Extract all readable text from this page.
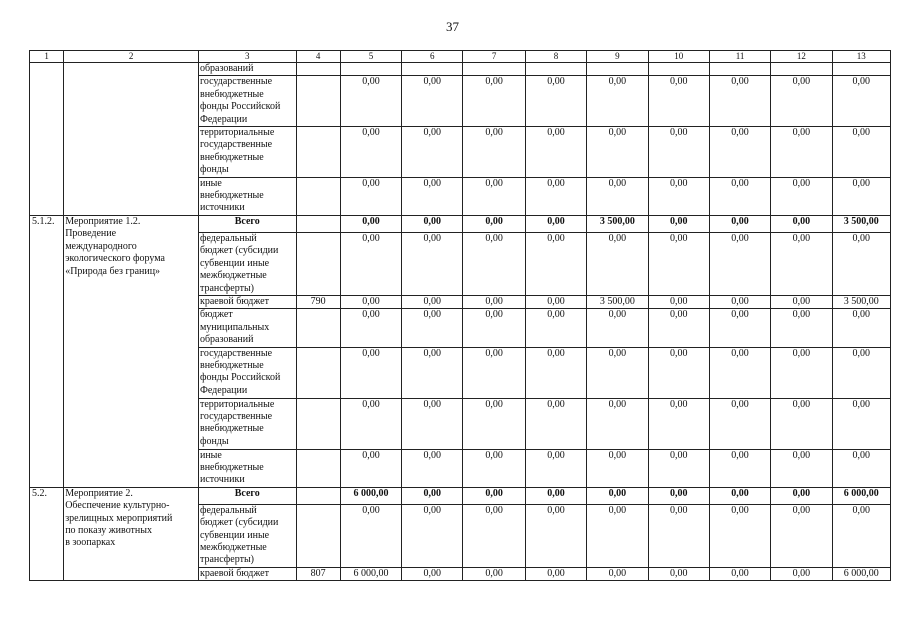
37
1	2	3	4	5	6	7	8	9	10	11	12	13
		образований										
		государственные
внебюджетные
фонды Российской
Федерации		0,00	0,00	0,00	0,00	0,00	0,00	0,00	0,00	0,00
		территориальные
государственные
внебюджетные
фонды		0,00	0,00	0,00	0,00	0,00	0,00	0,00	0,00	0,00
		иные
внебюджетные
источники		0,00	0,00	0,00	0,00	0,00	0,00	0,00	0,00	0,00
5.1.2.	Мероприятие 1.2.
Проведение
международного
экологического форума
«Природа без границ»	Всего		0,00	0,00	0,00	0,00	3 500,00	0,00	0,00	0,00	3 500,00
		федеральный
бюджет (субсидии
субвенции иные
межбюджетные
трансферты)		0,00	0,00	0,00	0,00	0,00	0,00	0,00	0,00	0,00
		краевой бюджет	790	0,00	0,00	0,00	0,00	3 500,00	0,00	0,00	0,00	3 500,00
		бюджет
муниципальных
образований		0,00	0,00	0,00	0,00	0,00	0,00	0,00	0,00	0,00
		государственные
внебюджетные
фонды Российской
Федерации		0,00	0,00	0,00	0,00	0,00	0,00	0,00	0,00	0,00
		территориальные
государственные
внебюджетные
фонды		0,00	0,00	0,00	0,00	0,00	0,00	0,00	0,00	0,00
		иные
внебюджетные
источники		0,00	0,00	0,00	0,00	0,00	0,00	0,00	0,00	0,00
5.2.	Мероприятие 2.
Обеспечение культурно-
зрелищных мероприятий
по показу животных
в зоопарках	Всего		6 000,00	0,00	0,00	0,00	0,00	0,00	0,00	0,00	6 000,00
		федеральный
бюджет (субсидии
субвенции иные
межбюджетные
трансферты)		0,00	0,00	0,00	0,00	0,00	0,00	0,00	0,00	0,00
		краевой бюджет	807	6 000,00	0,00	0,00	0,00	0,00	0,00	0,00	0,00	6 000,00
